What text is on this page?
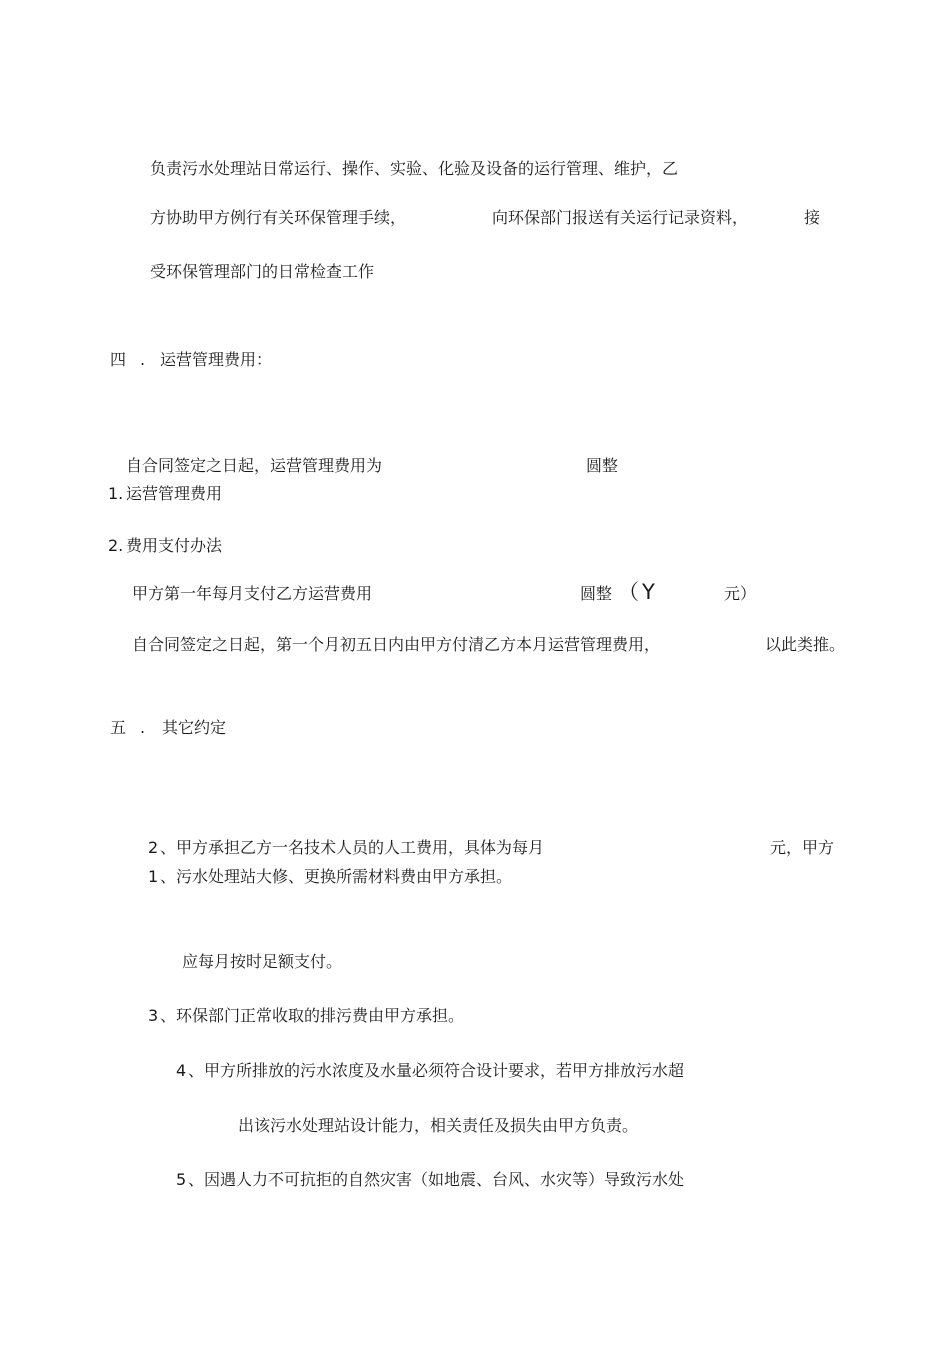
负责污水处理站日常运行、操作、实验、化验及设备的运行管理、维护，乙
方协助甲方例行有关环保管理手续，	向环保部门报送有关运行记录资料，	接
受环保管理部门的日常检查工作
四 . 运营管理费用：
自合同签定之日起，运营管理费用为	圆整
1. 运营管理费用
2. 费用支付办法
甲方第一年每月支付乙方运营费用	圆整 （ Y	元）
自合同签定之日起，第一个月初五日内由甲方付清乙方本月运营管理费用，	以此类推。
五 . 其它约定
2 、甲方承担乙方一名技术人员的人工费用，具体为每月	元，甲方
1 、污水处理站大修、更换所需材料费由甲方承担。
应每月按时足额支付。
3 、环保部门正常收取的排污费由甲方承担。
4 、甲方所排放的污水浓度及水量必须符合设计要求，若甲方排放污水超
出该污水处理站设计能力，相关责任及损失由甲方负责。
5 、因遇人力不可抗拒的自然灾害（如地震、台风、水灾等）导致污水处
